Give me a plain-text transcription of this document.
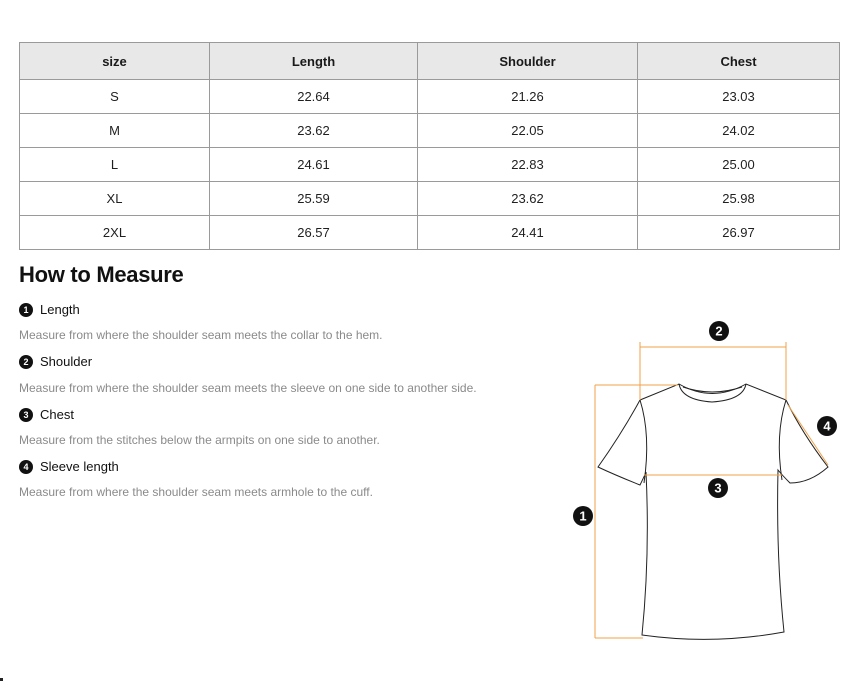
size	Length	Shoulder	Chest
S	22.64	21.26	23.03
M	23.62	22.05	24.02
L	24.61	22.83	25.00
XL	25.59	23.62	25.98
2XL	26.57	24.41	26.97
How to Measure
1 Length

Measure from where the shoulder seam meets the collar to the hem.

2 Shoulder

Measure from where the shoulder seam meets the sleeve on one side to another side.

3 Chest

Measure from the stitches below the armpits on one side to another.

4 Sleeve length

Measure from where the shoulder seam meets armhole to the cuff.

1
2
3
4
